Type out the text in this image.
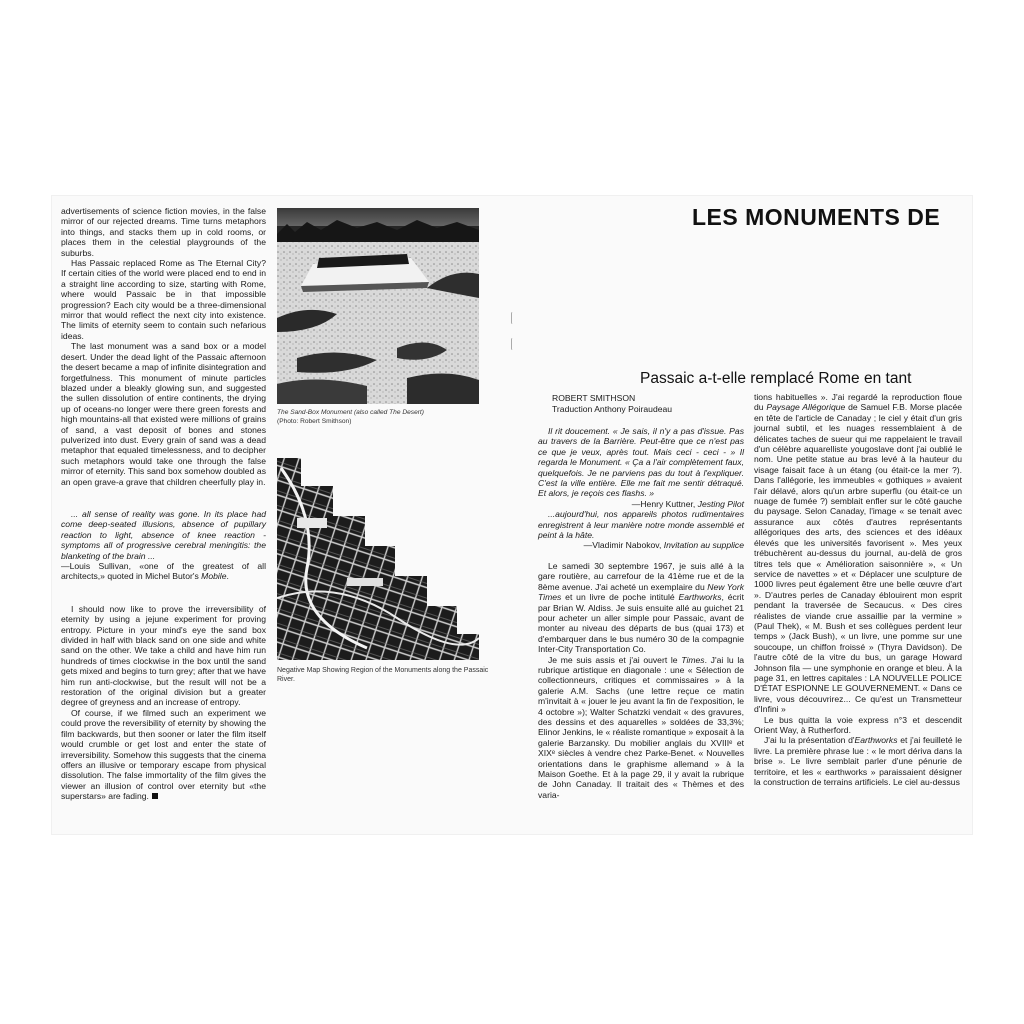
advertisements of science fiction movies, in the false mirror of our rejected dreams. Time turns metaphors into things, and stacks them up in cold rooms, or places them in the celestial playgrounds of the suburbs.

Has Passaic replaced Rome as The Eternal City? If certain cities of the world were placed end to end in a straight line according to size, starting with Rome, where would Passaic be in that impossible progression? Each city would be a three-dimensional mirror that would reflect the next city into existence. The limits of eternity seem to contain such nefarious ideas.

The last monument was a sand box or a model desert. Under the dead light of the Passaic afternoon the desert became a map of infinite disintegration and forgetfulness. This monument of minute particles blazed under a bleakly glowing sun, and suggested the sullen dissolution of entire continents, the drying up of oceans-no longer were there green forests and high mountains-all that existed were millions of grains of sand, a vast deposit of bones and stones pulverized into dust. Every grain of sand was a dead metaphor that equaled timelessness, and to decipher such metaphors would take one through the false mirror of eternity. This sand box somehow doubled as an open grave-a grave that children cheerfully play in.

... all sense of reality was gone. In its place had come deep-seated illusions, absence of pupillary reaction to light, absence of knee reaction - symptoms all of progressive cerebral meningitis: the blanketing of the brain ...

—Louis Sullivan, «one of the greatest of all architects,» quoted in Michel Butor's Mobile.

I should now like to prove the irreversibility of eternity by using a jejune experiment for proving entropy. Picture in your mind's eye the sand box divided in half with black sand on one side and white sand on the other. We take a child and have him run hundreds of times clockwise in the box until the sand gets mixed and begins to turn grey; after that we have him run anti-clockwise, but the result will not be a restoration of the original division but a greater degree of greyness and an increase of entropy.

Of course, if we filmed such an experiment we could prove the reversibility of eternity by showing the film backwards, but then sooner or later the film itself would crumble or get lost and enter the state of irreversibility. Somehow this suggests that the cinema offers an illusive or temporary escape from physical dissolution. The false immortality of the film gives the viewer an illusion of control over eternity but «the superstars» are fading.

The Sand-Box Monument (also called The Desert)
(Photo: Robert Smithson)
Negative Map Showing Region of the Monuments along the Passaic River.
LES MONUMENTS DE
Passaic a-t-elle remplacé Rome en tant
ROBERT SMITHSON
Traduction Anthony Poiraudeau

Il rit doucement. « Je sais, il n'y a pas d'issue. Pas au travers de la Barrière. Peut-être que ce n'est pas ce que je veux, après tout. Mais ceci - ceci - » Il regarda le Monument. « Ça a l'air complètement faux, quelquefois. Je ne parviens pas du tout à l'expliquer. C'est la ville entière. Elle me fait me sentir détraqué. Et alors, je reçois ces flashs. »

—Henry Kuttner, Jesting Pilot

...aujourd'hui, nos appareils photos rudimentaires enregistrent à leur manière notre monde assemblé et peint à la hâte.

—Vladimir Nabokov, Invitation au supplice

Le samedi 30 septembre 1967, je suis allé à la gare routière, au carrefour de la 41ème rue et de la 8ème avenue. J'ai acheté un exemplaire du New York Times et un livre de poche intitulé Earthworks, écrit par Brian W. Aldiss. Je suis ensuite allé au guichet 21 pour acheter un aller simple pour Passaic, avant de monter au niveau des départs de bus (quai 173) et d'embarquer dans le bus numéro 30 de la compagnie Inter-City Transportation Co.

Je me suis assis et j'ai ouvert le Times. J'ai lu la rubrique artistique en diagonale : une « Sélection de collectionneurs, critiques et commissaires » à la galerie A.M. Sachs (une lettre reçue ce matin m'invitait à « jouer le jeu avant la fin de l'exposition, le 4 octobre »); Walter Schatzki vendait « des gravures, des dessins et des aquarelles » soldées de 33,3%; Elinor Jenkins, le « réaliste romantique » exposait à la galerie Barzansky. Du mobilier anglais du XVIIIᵉ et XIXᵉ siècles à vendre chez Parke-Benet. « Nouvelles orientations dans le graphisme allemand » à la Maison Goethe. Et à la page 29, il y avait la rubrique de John Canaday. Il traitait des « Thèmes et des varia-

tions habituelles ». J'ai regardé la reproduction floue du Paysage Allégorique de Samuel F.B. Morse placée en tête de l'article de Canaday ; le ciel y était d'un gris journal subtil, et les nuages ressemblaient à de délicates taches de sueur qui me rappelaient le travail d'un célèbre aquarelliste yougoslave dont j'ai oublié le nom. Une petite statue au bras levé à la hauteur du visage faisait face à un étang (ou était-ce la mer ?). Dans l'allégorie, les immeubles « gothiques » avaient l'air délavé, alors qu'un arbre superflu (ou était-ce un nuage de fumée ?) semblait enfler sur le côté gauche du paysage. Selon Canaday, l'image « se tenait avec assurance aux côtés d'autres représentants allégoriques des arts, des sciences et des idéaux élevés que les universités favorisent ». Mes yeux trébuchèrent au-dessus du journal, au-delà de gros titres tels que « Amélioration saisonnière », « Un service de navettes » et « Déplacer une sculpture de 1000 livres peut également être une belle œuvre d'art ». D'autres perles de Canaday éblouirent mon esprit pendant la traversée de Secaucus. « Des cires réalistes de viande crue assaillie par la vermine » (Paul Thek), « M. Bush et ses collègues perdent leur temps » (Jack Bush), « un livre, une pomme sur une soucoupe, un chiffon froissé » (Thyra Davidson). De l'autre côté de la vitre du bus, un garage Howard Johnson fila — une symphonie en orange et bleu. À la page 31, en lettres capitales : LA NOUVELLE POLICE D'ÉTAT ESPIONNE LE GOUVERNEMENT. « Dans ce livre, vous découvrirez... Ce qu'est un Transmetteur d'Infini »

Le bus quitta la voie express n°3 et descendit Orient Way, à Rutherford.

J'ai lu la présentation d'Earthworks et j'ai feuilleté le livre. La première phrase lue : « le mort dériva dans la brise ». Le livre semblait parler d'une pénurie de territoire, et les « earthworks » paraissaient désigner la construction de terrains artificiels. Le ciel au-dessus
